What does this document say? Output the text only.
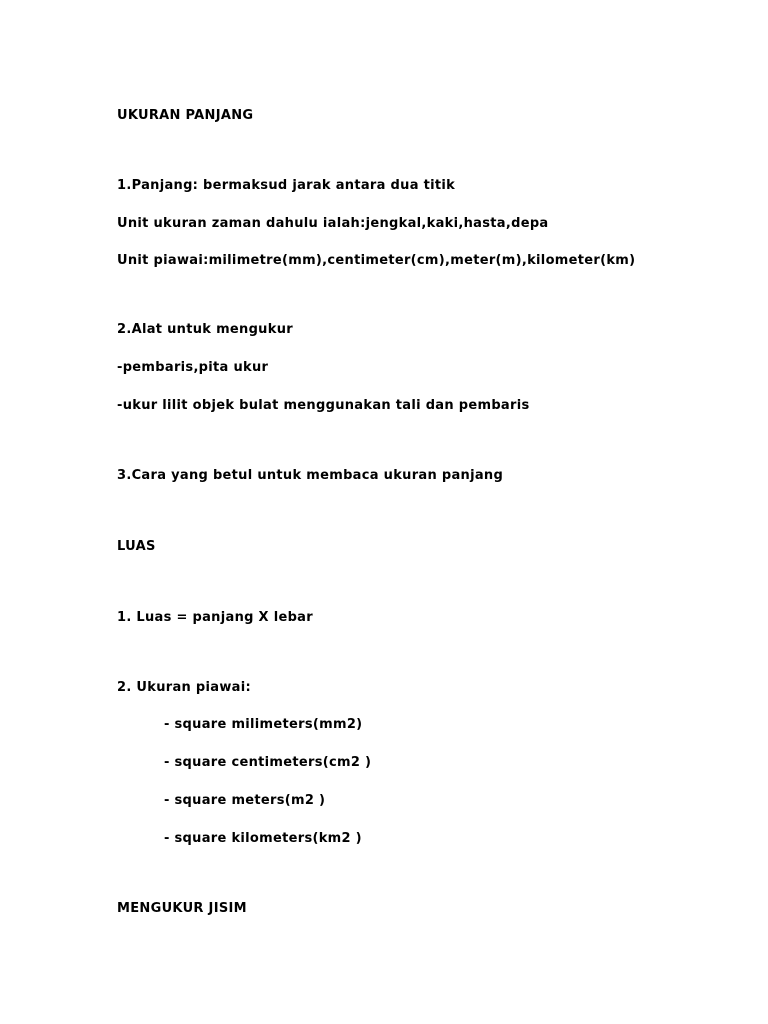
UKURAN PANJANG
1.Panjang: bermaksud jarak antara dua titik
Unit ukuran zaman dahulu ialah:jengkal,kaki,hasta,depa
Unit piawai:milimetre(mm),centimeter(cm),meter(m),kilometer(km)
2.Alat untuk mengukur
-pembaris,pita ukur
-ukur lilit objek bulat menggunakan tali dan pembaris
3.Cara yang betul untuk membaca ukuran panjang
LUAS
1. Luas = panjang X lebar
2. Ukuran piawai:
- square milimeters(mm2)
- square centimeters(cm2 )
- square meters(m2 )
- square kilometers(km2 )
MENGUKUR JISIM
